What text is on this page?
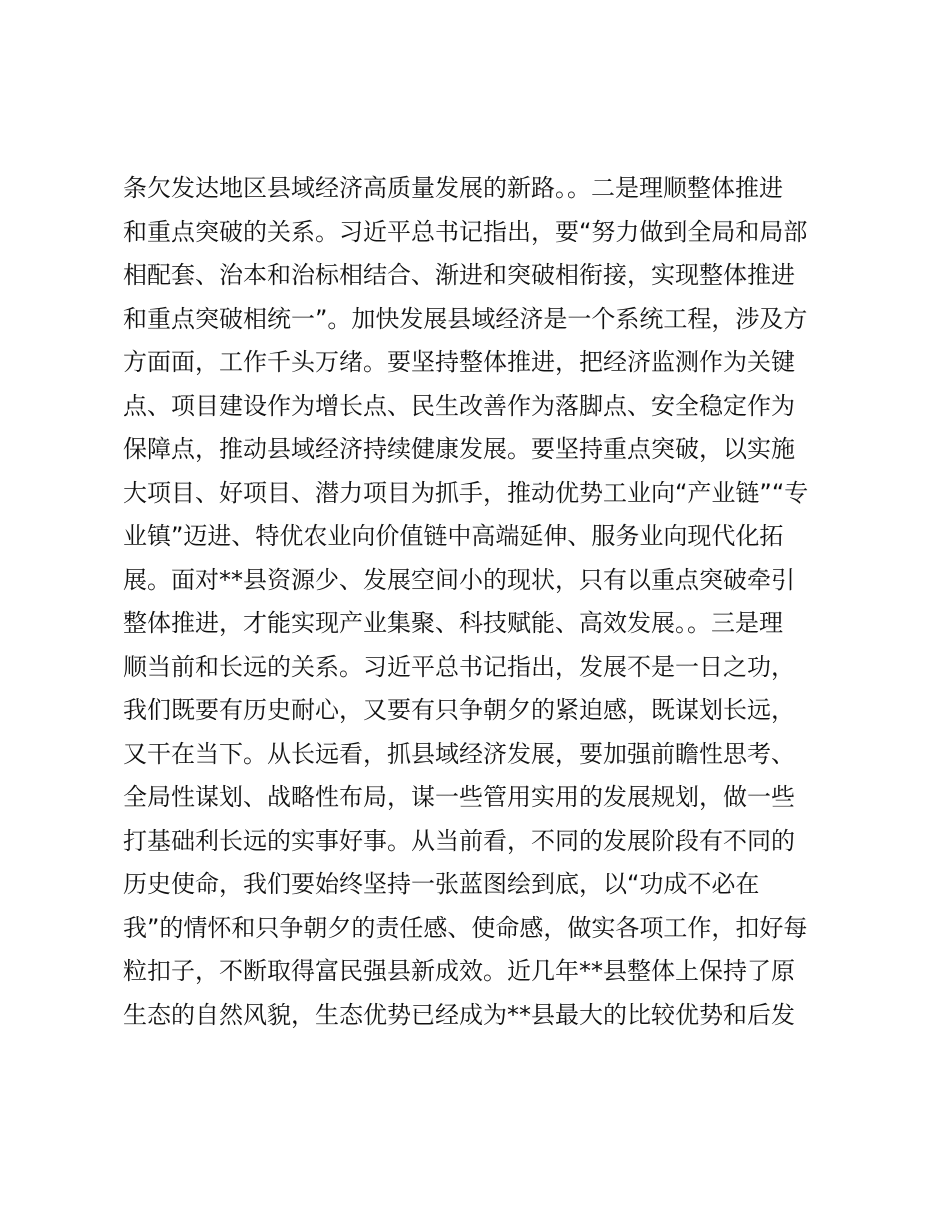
条欠发达地区县域经济高质量发展的新路。。二是理顺整体推进
和重点突破的关系。习近平总书记指出，要“努力做到全局和局部
相配套、治本和治标相结合、渐进和突破相衔接，实现整体推进
和重点突破相统一”。加快发展县域经济是一个系统工程，涉及方
方面面，工作千头万绪。要坚持整体推进，把经济监测作为关键
点、项目建设作为增长点、民生改善作为落脚点、安全稳定作为
保障点，推动县域经济持续健康发展。要坚持重点突破，以实施
大项目、好项目、潜力项目为抓手，推动优势工业向“产业链”“专
业镇”迈进、特优农业向价值链中高端延伸、服务业向现代化拓
展。面对**县资源少、发展空间小的现状，只有以重点突破牵引
整体推进，才能实现产业集聚、科技赋能、高效发展。。三是理
顺当前和长远的关系。习近平总书记指出，发展不是一日之功，
我们既要有历史耐心，又要有只争朝夕的紧迫感，既谋划长远，
又干在当下。从长远看，抓县域经济发展，要加强前瞻性思考、
全局性谋划、战略性布局，谋一些管用实用的发展规划，做一些
打基础利长远的实事好事。从当前看，不同的发展阶段有不同的
历史使命，我们要始终坚持一张蓝图绘到底，以“功成不必在
我”的情怀和只争朝夕的责任感、使命感，做实各项工作，扣好每
粒扣子，不断取得富民强县新成效。近几年**县整体上保持了原
生态的自然风貌，生态优势已经成为**县最大的比较优势和后发
